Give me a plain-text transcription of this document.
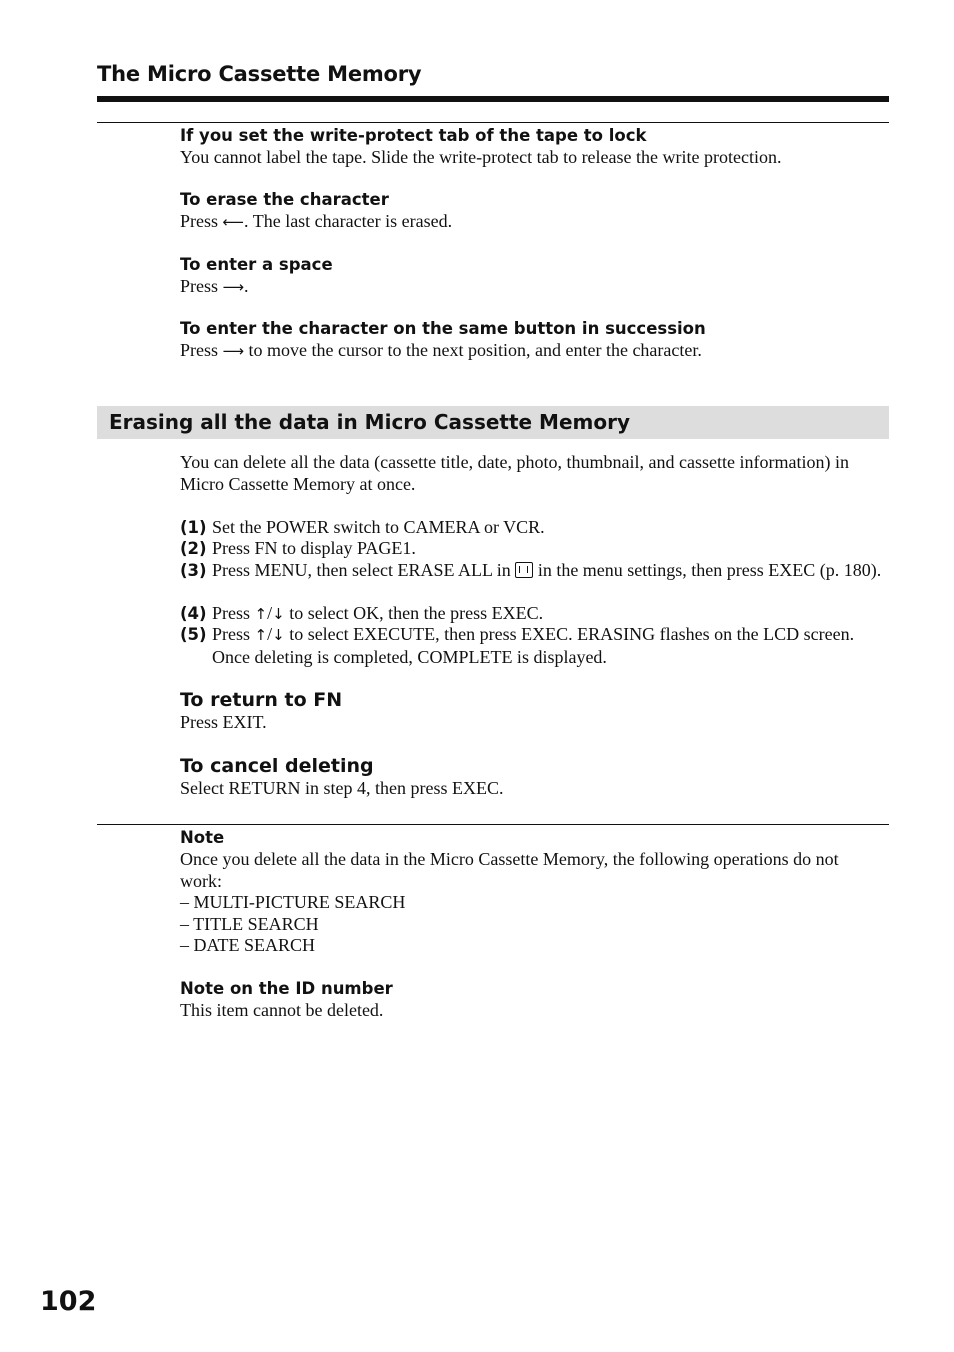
The Micro Cassette Memory
If you set the write-protect tab of the tape to lock
You cannot label the tape. Slide the write-protect tab to release the write protection.
To erase the character
Press ⟵. The last character is erased.
To enter a space
Press ⟶.
To enter the character on the same button in succession
Press ⟶ to move the cursor to the next position, and enter the character.
Erasing all the data in Micro Cassette Memory
You can delete all the data (cassette title, date, photo, thumbnail, and cassette information) in Micro Cassette Memory at once.
(1) Set the POWER switch to CAMERA or VCR.
(2) Press FN to display PAGE1.
(3) Press MENU, then select ERASE ALL in  in the menu settings, then press EXEC (p. 180).
(4) Press ↑/↓ to select OK, then the press EXEC.
(5) Press ↑/↓ to select EXECUTE, then press EXEC. ERASING flashes on the LCD screen. Once deleting is completed, COMPLETE is displayed.
To return to FN
Press EXIT.
To cancel deleting
Select RETURN in step 4, then press EXEC.
Note
Once you delete all the data in the Micro Cassette Memory, the following operations do not work:
– MULTI-PICTURE SEARCH
– TITLE SEARCH
– DATE SEARCH
Note on the ID number
This item cannot be deleted.
102
